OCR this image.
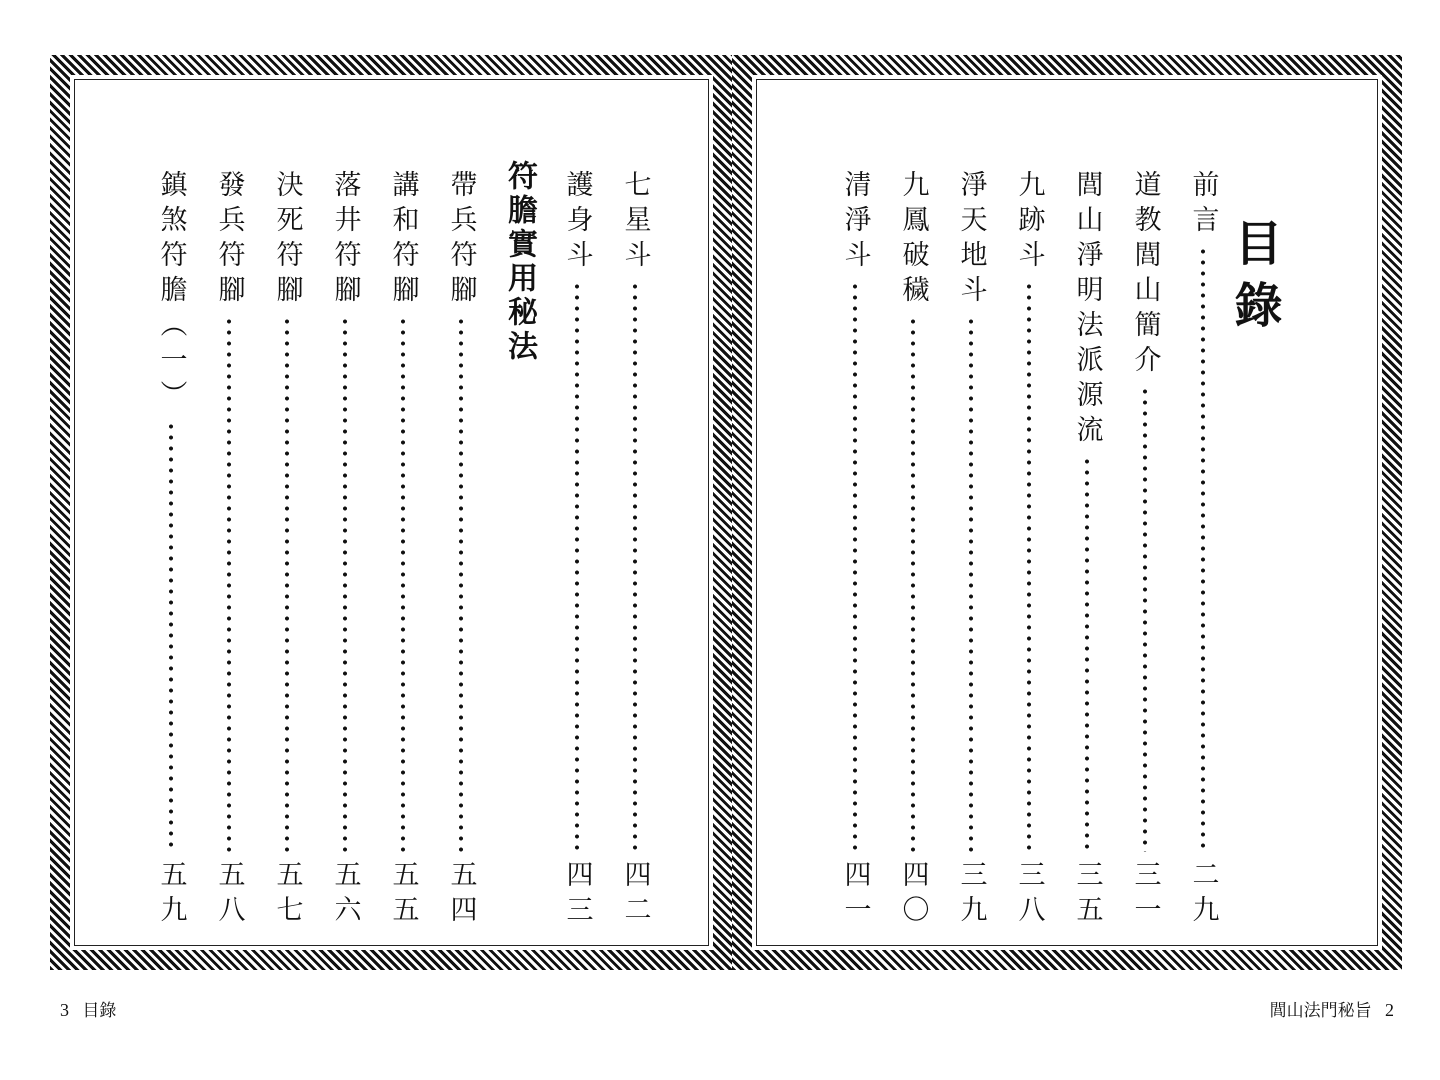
七星斗
四二
護身斗
四三
符膽實用秘法
帶兵符腳
五四
講和符腳
五五
落井符腳
五六
決死符腳
五七
發兵符腳
五八
鎮煞符膽（一）
五九
目錄
前言
二九
道教閭山簡介
三一
閭山淨明法派源流
三五
九跡斗
三八
淨天地斗
三九
九鳳破穢
四〇
清淨斗
四一
3 目錄	閭山法門秘旨 2
